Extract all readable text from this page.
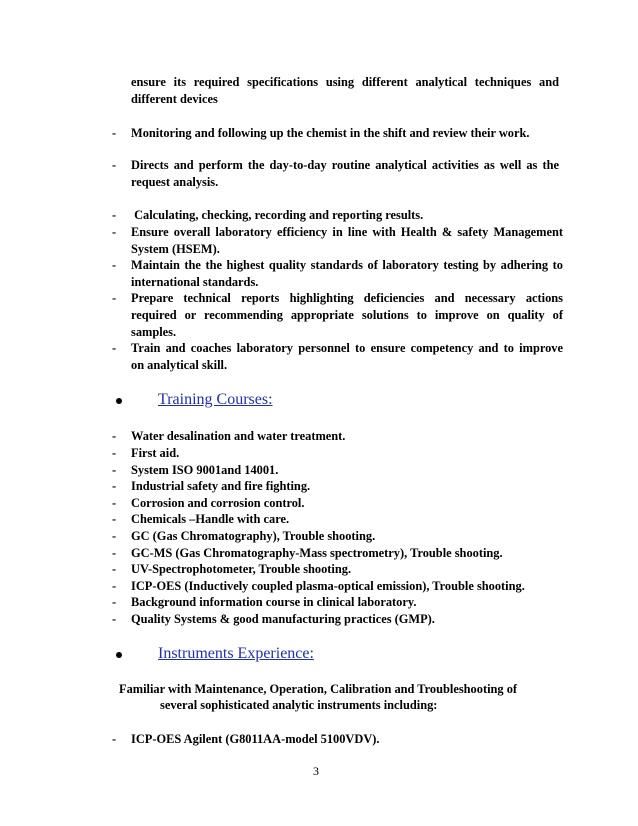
ensure its required specifications using different analytical techniques and
different devices
- Monitoring and following up the chemist in the shift and review their work.
- Directs and perform the day-to-day routine analytical activities as well as the
request analysis.
- Calculating, checking, recording and reporting results.
- Ensure overall laboratory efficiency in line with Health & safety Management
System (HSEM).
- Maintain the the highest quality standards of laboratory testing by adhering to
international standards.
- Prepare technical reports highlighting deficiencies and necessary actions
required or recommending appropriate solutions to improve on quality of
samples.
- Train and coaches laboratory personnel to ensure competency and to improve
on analytical skill.
Training Courses:
- Water desalination and water treatment.
- First aid.
- System ISO 9001and 14001.
- Industrial safety and fire fighting.
- Corrosion and corrosion control.
- Chemicals –Handle with care.
- GC (Gas Chromatography), Trouble shooting.
- GC-MS (Gas Chromatography-Mass spectrometry), Trouble shooting.
- UV-Spectrophotometer, Trouble shooting.
- ICP-OES (Inductively coupled plasma-optical emission), Trouble shooting.
- Background information course in clinical laboratory.
- Quality Systems & good manufacturing practices (GMP).
Instruments Experience:
Familiar with Maintenance, Operation, Calibration and Troubleshooting of
several sophisticated analytic instruments including:
- ICP-OES Agilent (G8011AA-model 5100VDV).
3
